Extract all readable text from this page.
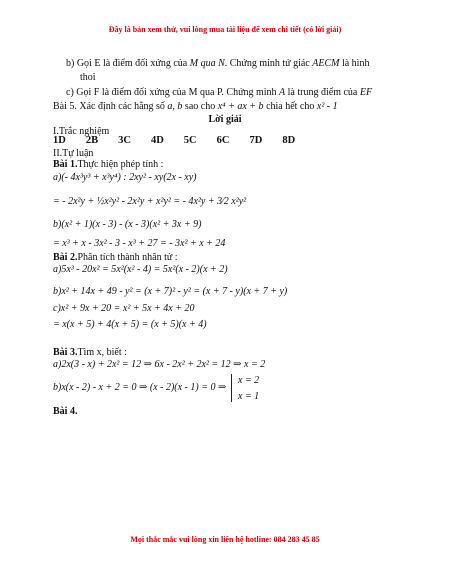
Đây là bản xem thử, vui lòng mua tài liệu để xem chi tiết (có lời giải)
b) Gọi E là điểm đối xứng của M qua N. Chứng minh tứ giác AECM là hình
thoi
c) Gọi F là điểm đối xứng của M qua P. Chứng minh A là trung điểm của EF
Bài 5. Xác định các hằng số a, b sao cho x⁴ + ax + b chia hết cho x² - 1
Lời giải
I.Trắc nghiệm
1D 2B 3C 4D 5C 6C 7D 8D
II.Tự luận
Bài 1.Thực hiện phép tính :
a)(- 4x³y³ + x³y⁴) : 2xy² - xy(2x - xy)
= - 2x²y + ½x²y² - 2x²y + x²y² = - 4x²y + 3⁄2 x²y²
b)(x² + 1)(x - 3) - (x - 3)(x² + 3x + 9)
= x³ + x - 3x² - 3 - x³ + 27 = - 3x² + x + 24
Bài 2.Phân tích thành nhân tử :
a)5x³ - 20x² = 5x²(x² - 4) = 5x²(x - 2)(x + 2)
b)x² + 14x + 49 - y² = (x + 7)² - y² = (x + 7 - y)(x + 7 + y)
c)x² + 9x + 20 = x² + 5x + 4x + 20
= x(x + 5) + 4(x + 5) = (x + 5)(x + 4)
Bài 3.Tìm x, biết :
a)2x(3 - x) + 2x² = 12 ⇒ 6x - 2x² + 2x² = 12 ⇒ x = 2
b)x(x - 2) - x + 2 = 0 ⇒ (x - 2)(x - 1) = 0 ⇒
x = 2
x = 1
Bài 4.
Mọi thắc mắc vui lòng xin liên hệ hotline: 084 283 45 85
